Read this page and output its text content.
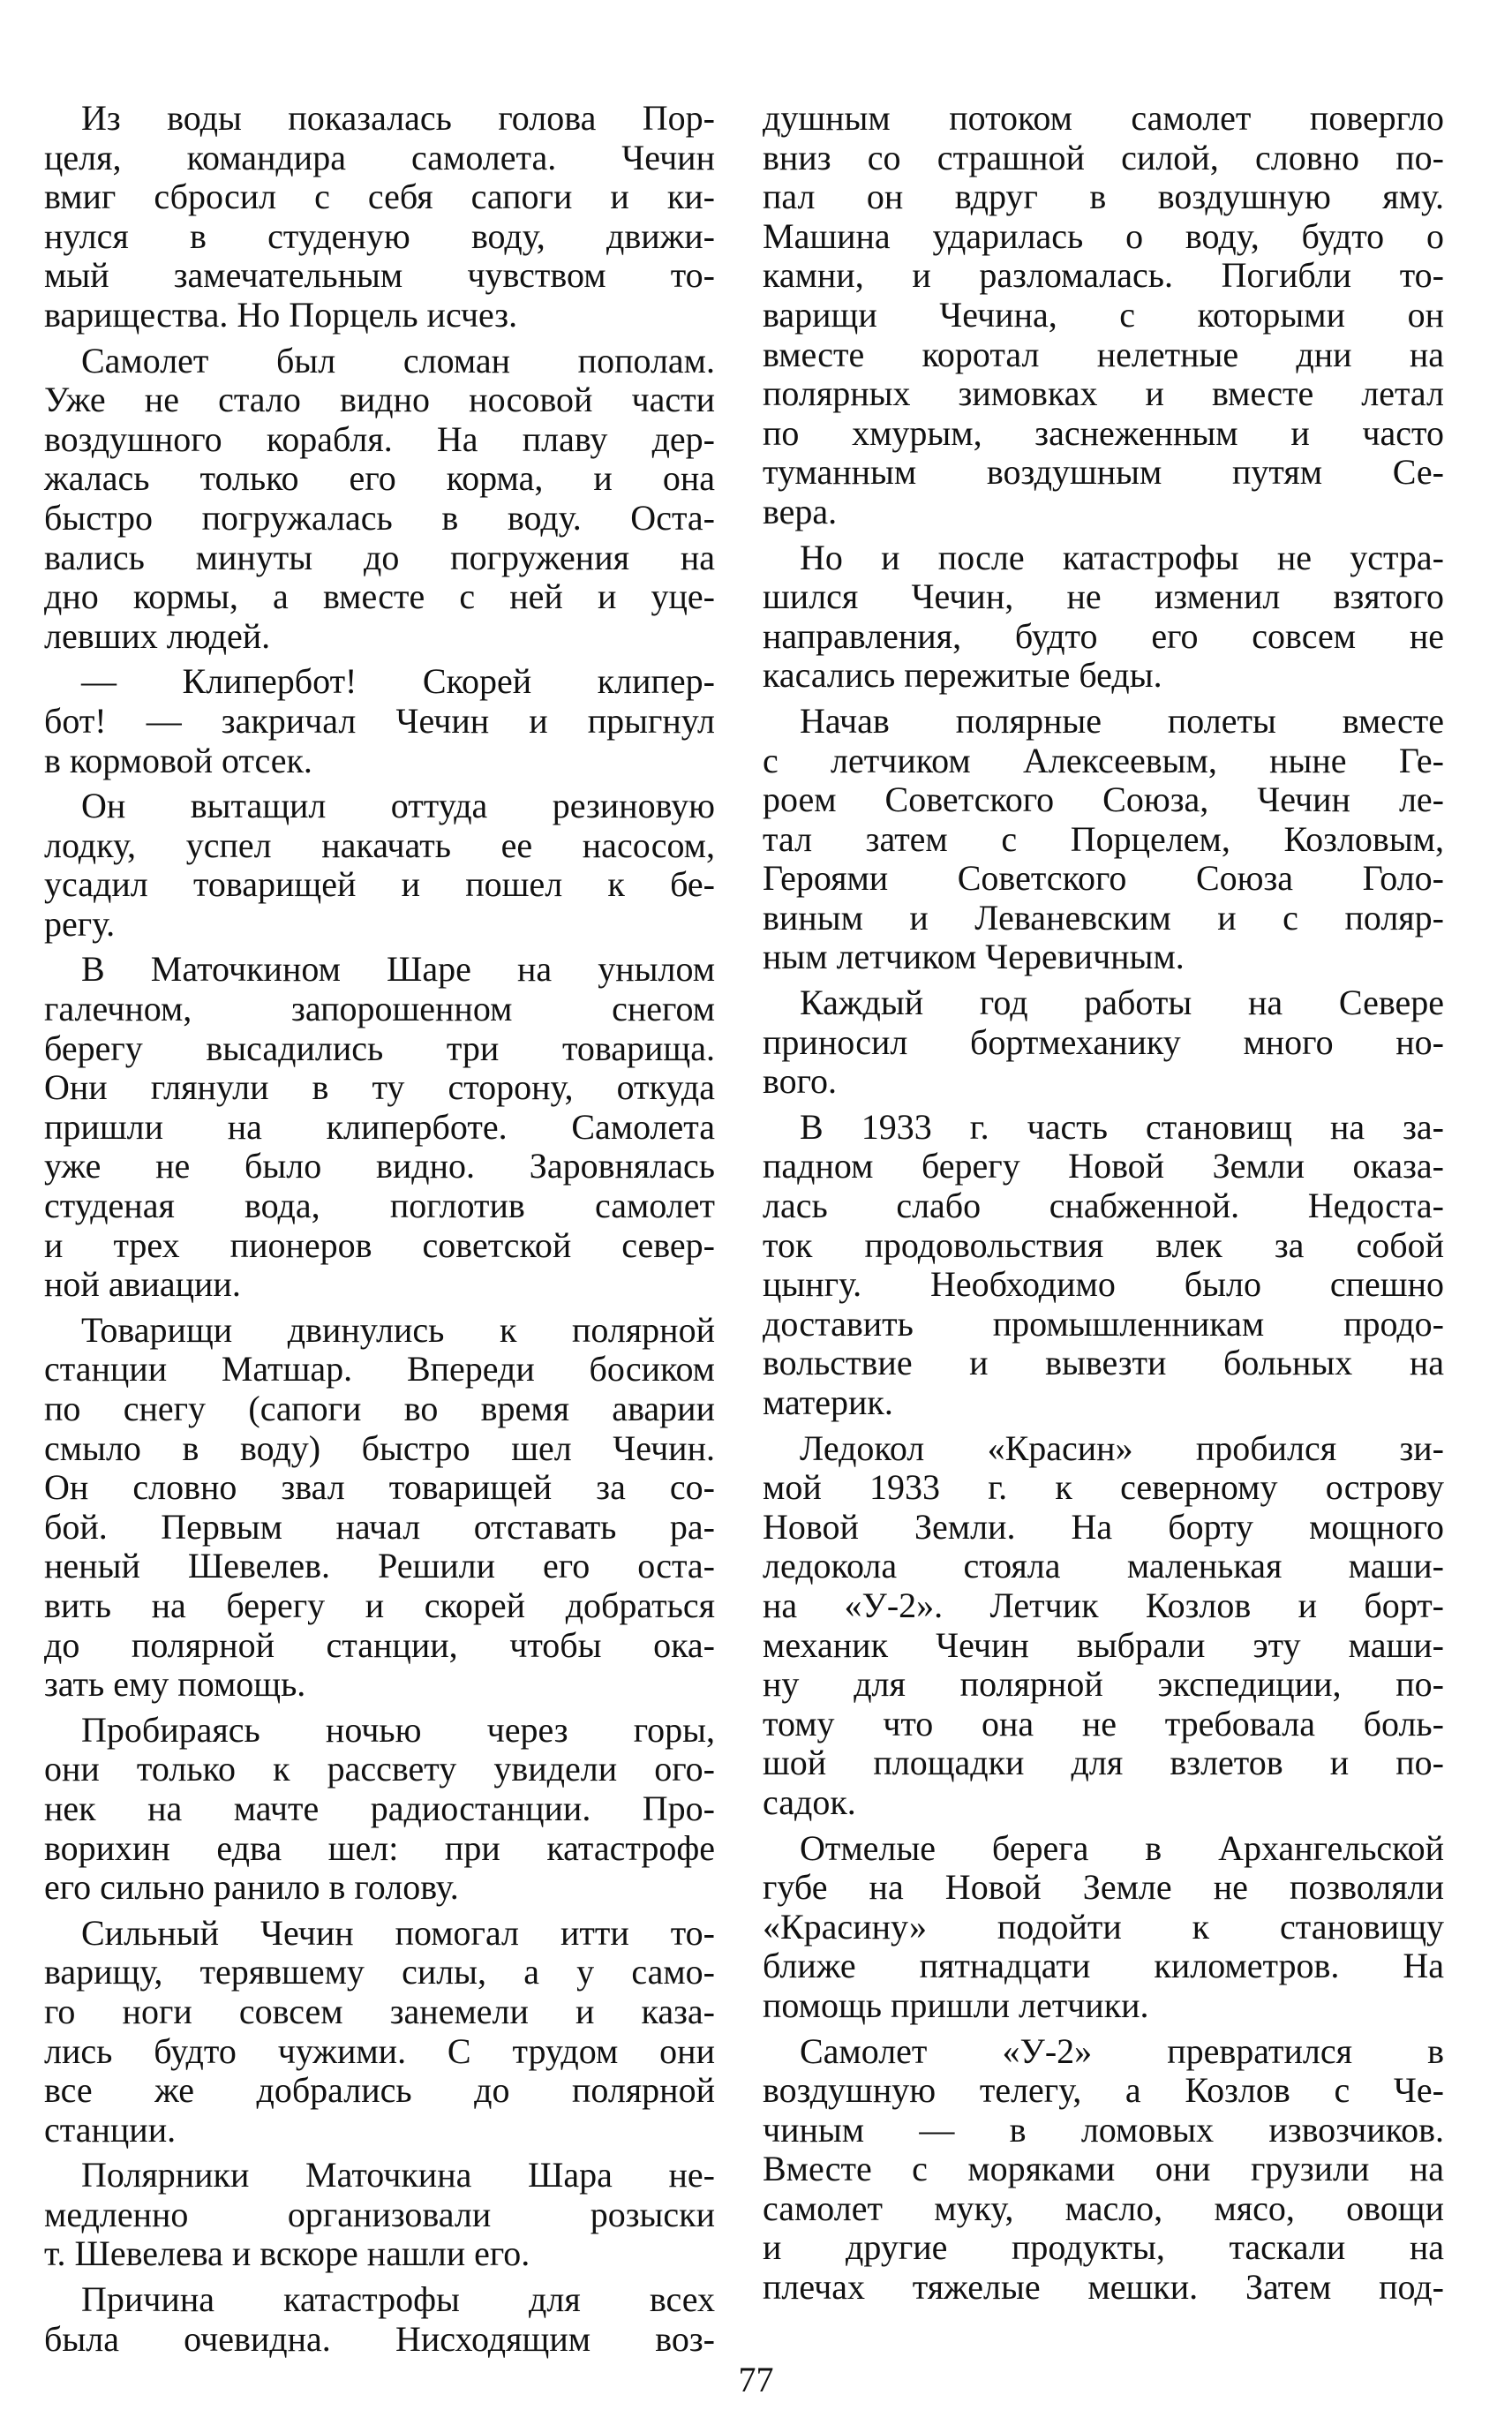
Из воды показалась голова Пор-
целя, командира самолета. Чечин
вмиг сбросил с себя сапоги и ки-
нулся в студеную воду, движи-
мый замечательным чувством то-
варищества. Но Порцель исчез.
Самолет был сломан пополам.
Уже не стало видно носовой части
воздушного корабля. На плаву дер-
жалась только его корма, и она
быстро погружалась в воду. Оста-
вались минуты до погружения на
дно кормы, а вместе с ней и уце-
левших людей.
— Клипербот! Скорей клипер-
бот! — закричал Чечин и прыгнул
в кормовой отсек.
Он вытащил оттуда резиновую
лодку, успел накачать ее насосом,
усадил товарищей и пошел к бе-
регу.
В Маточкином Шаре на унылом
галечном, запорошенном снегом
берегу высадились три товарища.
Они глянули в ту сторону, откуда
пришли на клиперботе. Самолета
уже не было видно. Заровнялась
студеная вода, поглотив самолет
и трех пионеров советской север-
ной авиации.
Товарищи двинулись к полярной
станции Матшар. Впереди босиком
по снегу (сапоги во время аварии
смыло в воду) быстро шел Чечин.
Он словно звал товарищей за со-
бой. Первым начал отставать ра-
неный Шевелев. Решили его оста-
вить на берегу и скорей добраться
до полярной станции, чтобы ока-
зать ему помощь.
Пробираясь ночью через горы,
они только к рассвету увидели ого-
нек на мачте радиостанции. Про-
ворихин едва шел: при катастрофе
его сильно ранило в голову.
Сильный Чечин помогал итти то-
варищу, терявшему силы, а у само-
го ноги совсем занемели и каза-
лись будто чужими. С трудом они
все же добрались до полярной
станции.
Полярники Маточкина Шара не-
медленно организовали розыски
т. Шевелева и вскоре нашли его.
Причина катастрофы для всех
была очевидна. Нисходящим воз-
душным потоком самолет повергло
вниз со страшной силой, словно по-
пал он вдруг в воздушную яму.
Машина ударилась о воду, будто о
камни, и разломалась. Погибли то-
варищи Чечина, с которыми он
вместе коротал нелетные дни на
полярных зимовках и вместе летал
по хмурым, заснеженным и часто
туманным воздушным путям Се-
вера.
Но и после катастрофы не устра-
шился Чечин, не изменил взятого
направления, будто его совсем не
касались пережитые беды.
Начав полярные полеты вместе
с летчиком Алексеевым, ныне Ге-
роем Советского Союза, Чечин ле-
тал затем с Порцелем, Козловым,
Героями Советского Союза Голо-
виным и Леваневским и с поляр-
ным летчиком Черевичным.
Каждый год работы на Севере
приносил бортмеханику много но-
вого.
В 1933 г. часть становищ на за-
падном берегу Новой Земли оказа-
лась слабо снабженной. Недоста-
ток продовольствия влек за собой
цынгу. Необходимо было спешно
доставить промышленникам продо-
вольствие и вывезти больных на
материк.
Ледокол «Красин» пробился зи-
мой 1933 г. к северному острову
Новой Земли. На борту мощного
ледокола стояла маленькая маши-
на «У-2». Летчик Козлов и борт-
механик Чечин выбрали эту маши-
ну для полярной экспедиции, по-
тому что она не требовала боль-
шой площадки для взлетов и по-
садок.
Отмелые берега в Архангельской
губе на Новой Земле не позволяли
«Красину» подойти к становищу
ближе пятнадцати километров. На
помощь пришли летчики.
Самолет «У-2» превратился в
воздушную телегу, а Козлов с Че-
чиным — в ломовых извозчиков.
Вместе с моряками они грузили на
самолет муку, масло, мясо, овощи
и другие продукты, таскали на
плечах тяжелые мешки. Затем под-
77
